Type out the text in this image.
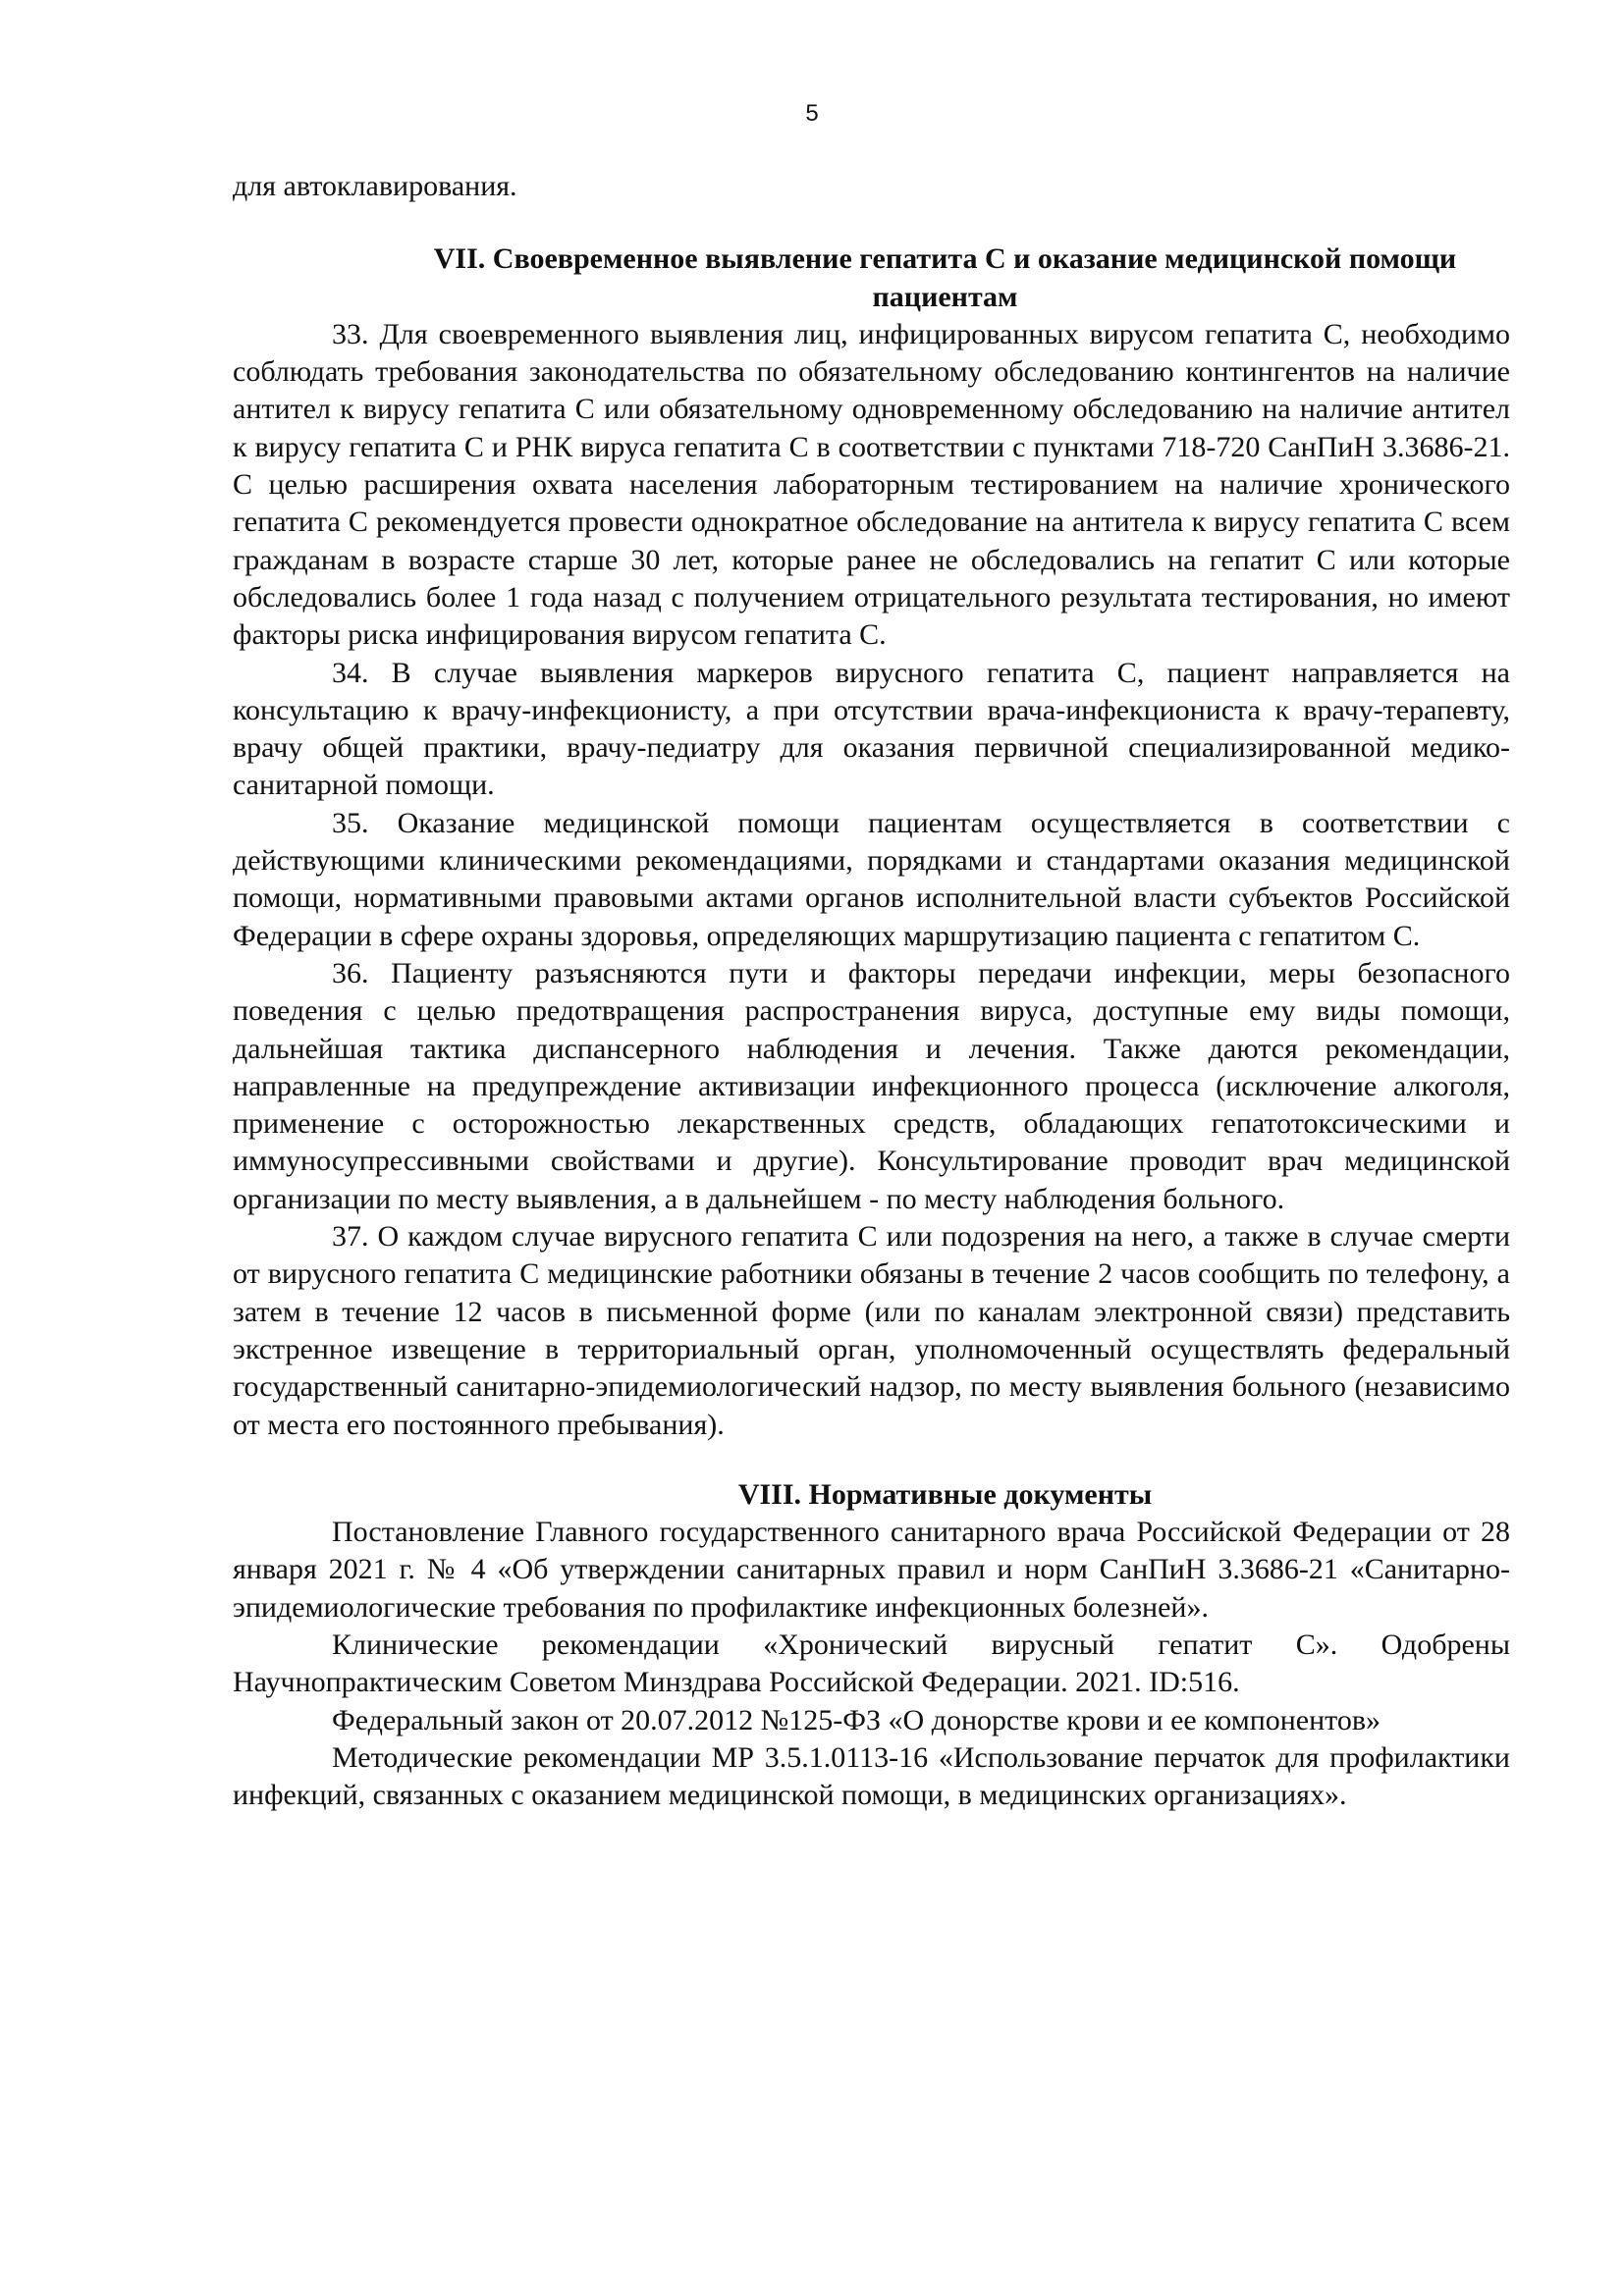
5

для автоклавирования.

VII. Своевременное выявление гепатита С и оказание медицинской помощи пациентам

33. Для своевременного выявления лиц, инфицированных вирусом гепатита С, необходимо соблюдать требования законодательства по обязательному обследованию контингентов на наличие антител к вирусу гепатита С или обязательному одновременному обследованию на наличие антител к вирусу гепатита С и РНК вируса гепатита С в соответствии с пунктами 718-720 СанПиН 3.3686-21. С целью расширения охвата населения лабораторным тестированием на наличие хронического гепатита С рекомендуется провести однократное обследование на антитела к вирусу гепатита С всем гражданам в возрасте старше 30 лет, которые ранее не обследовались на гепатит С или которые обследовались более 1 года назад с получением отрицательного результата тестирования, но имеют факторы риска инфицирования вирусом гепатита С.

34. В случае выявления маркеров вирусного гепатита С, пациент направляется на консультацию к врачу-инфекционисту, а при отсутствии врача-инфекциониста к врачу-терапевту, врачу общей практики, врачу-педиатру для оказания первичной специализированной медико-санитарной помощи.

35. Оказание медицинской помощи пациентам осуществляется в соответствии с действующими клиническими рекомендациями, порядками и стандартами оказания медицинской помощи, нормативными правовыми актами органов исполнительной власти субъектов Российской Федерации в сфере охраны здоровья, определяющих маршрутизацию пациента с гепатитом С.

36. Пациенту разъясняются пути и факторы передачи инфекции, меры безопасного поведения с целью предотвращения распространения вируса, доступные ему виды помощи, дальнейшая тактика диспансерного наблюдения и лечения. Также даются рекомендации, направленные на предупреждение активизации инфекционного процесса (исключение алкоголя, применение с осторожностью лекарственных средств, обладающих гепатотоксическими и иммуносупрессивными свойствами и другие). Консультирование проводит врач медицинской организации по месту выявления, а в дальнейшем - по месту наблюдения больного.

37. О каждом случае вирусного гепатита С или подозрения на него, а также в случае смерти от вирусного гепатита С медицинские работники обязаны в течение 2 часов сообщить по телефону, а затем в течение 12 часов в письменной форме (или по каналам электронной связи) представить экстренное извещение в территориальный орган, уполномоченный осуществлять федеральный государственный санитарно-эпидемиологический надзор, по месту выявления больного (независимо от места его постоянного пребывания).

VIII. Нормативные документы

Постановление Главного государственного санитарного врача Российской Федерации от 28 января 2021 г. № 4 «Об утверждении санитарных правил и норм СанПиН 3.3686-21 «Санитарно-эпидемиологические требования по профилактике инфекционных болезней».

Клинические рекомендации «Хронический вирусный гепатит С». Одобрены Научнопрактическим Советом Минздрава Российской Федерации. 2021. ID:516.

Федеральный закон от 20.07.2012 №125-ФЗ «О донорстве крови и ее компонентов»

Методические рекомендации МР 3.5.1.0113-16 «Использование перчаток для профилактики инфекций, связанных с оказанием медицинской помощи, в медицинских организациях».
